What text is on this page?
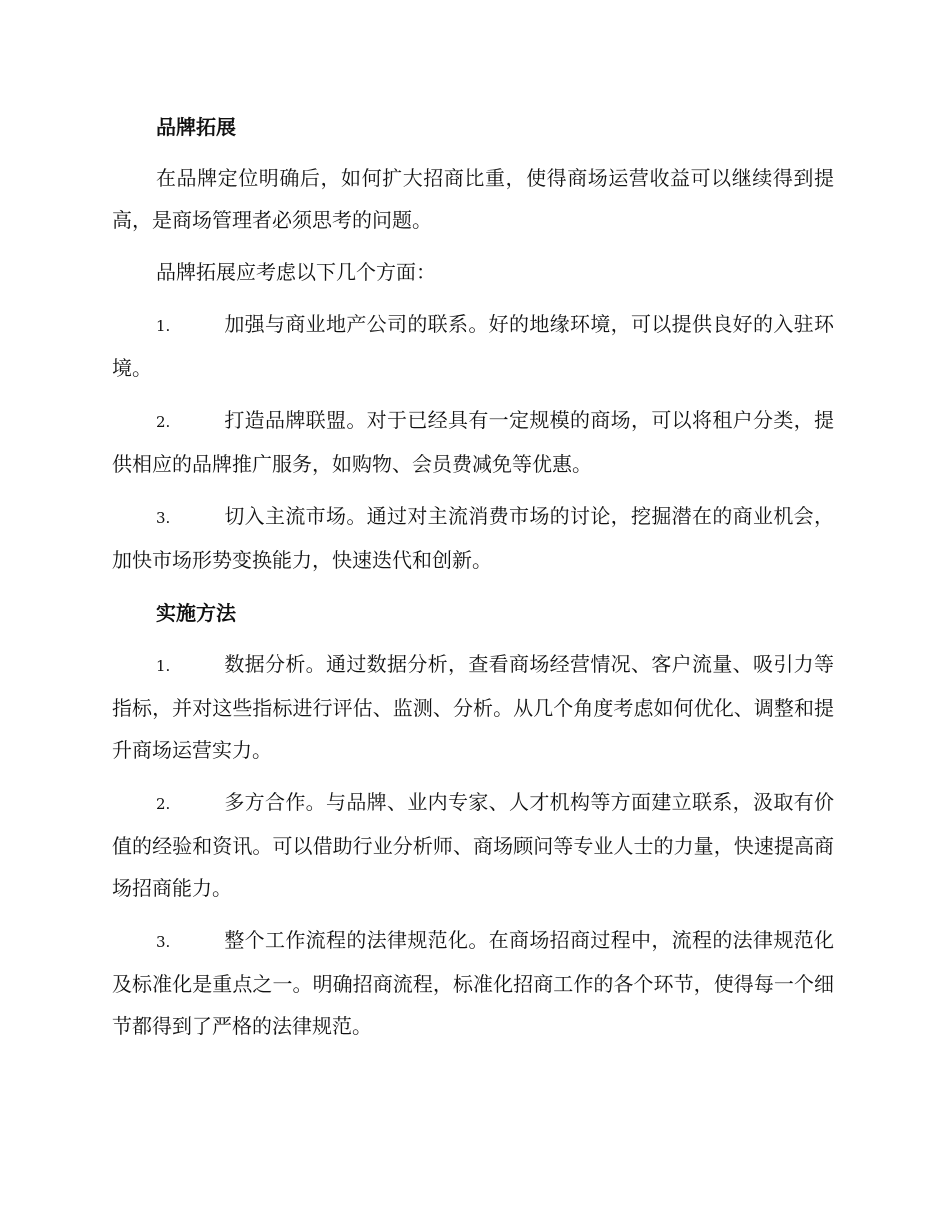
品牌拓展

在品牌定位明确后，如何扩大招商比重，使得商场运营收益可以继续得到提高，是商场管理者必须思考的问题。

品牌拓展应考虑以下几个方面：

1.	加强与商业地产公司的联系。好的地缘环境，可以提供良好的入驻环境。

2.	打造品牌联盟。对于已经具有一定规模的商场，可以将租户分类，提供相应的品牌推广服务，如购物、会员费减免等优惠。

3.	切入主流市场。通过对主流消费市场的讨论，挖掘潜在的商业机会，加快市场形势变换能力，快速迭代和创新。

实施方法

1.	数据分析。通过数据分析，查看商场经营情况、客户流量、吸引力等指标，并对这些指标进行评估、监测、分析。从几个角度考虑如何优化、调整和提升商场运营实力。

2.	多方合作。与品牌、业内专家、人才机构等方面建立联系，汲取有价值的经验和资讯。可以借助行业分析师、商场顾问等专业人士的力量，快速提高商场招商能力。

3.	整个工作流程的法律规范化。在商场招商过程中，流程的法律规范化及标准化是重点之一。明确招商流程，标准化招商工作的各个环节，使得每一个细节都得到了严格的法律规范。
